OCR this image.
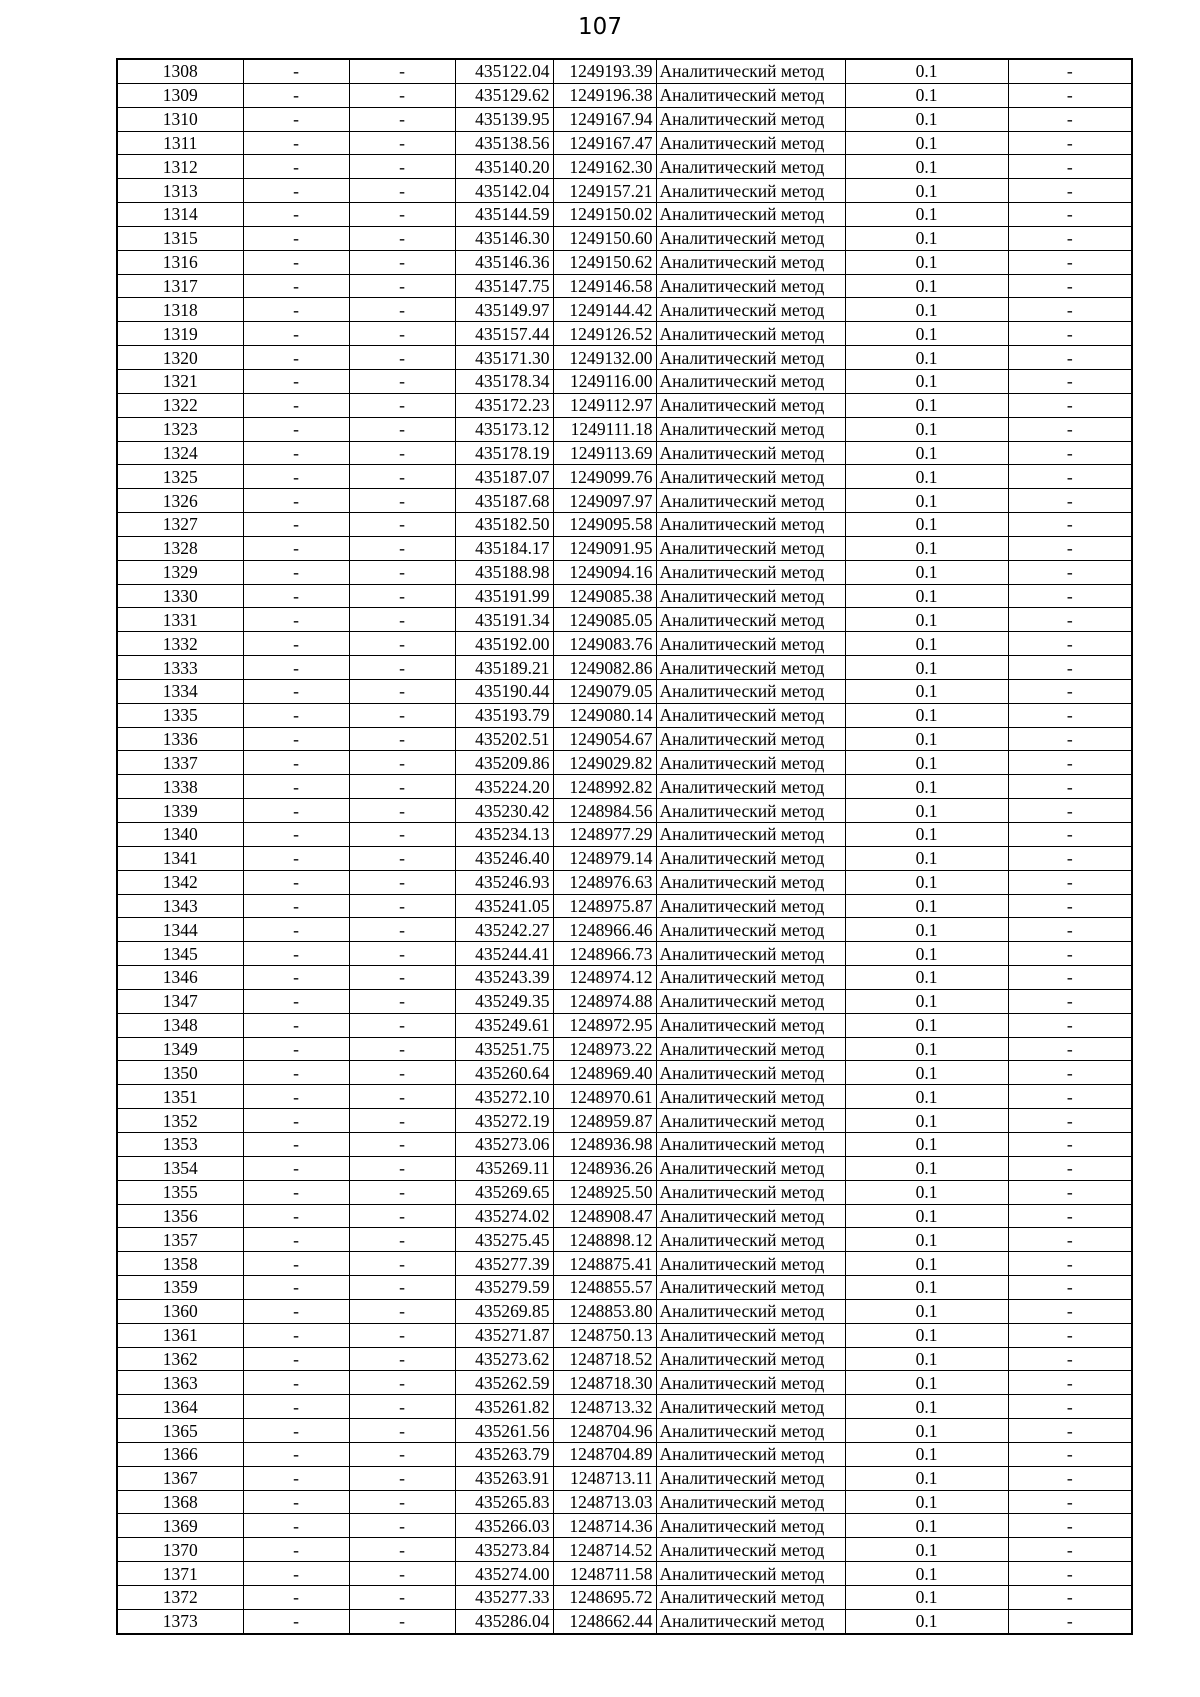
107
1308	-	-	435122.04	1249193.39	Аналитический метод	0.1	-
1309	-	-	435129.62	1249196.38	Аналитический метод	0.1	-
1310	-	-	435139.95	1249167.94	Аналитический метод	0.1	-
1311	-	-	435138.56	1249167.47	Аналитический метод	0.1	-
1312	-	-	435140.20	1249162.30	Аналитический метод	0.1	-
1313	-	-	435142.04	1249157.21	Аналитический метод	0.1	-
1314	-	-	435144.59	1249150.02	Аналитический метод	0.1	-
1315	-	-	435146.30	1249150.60	Аналитический метод	0.1	-
1316	-	-	435146.36	1249150.62	Аналитический метод	0.1	-
1317	-	-	435147.75	1249146.58	Аналитический метод	0.1	-
1318	-	-	435149.97	1249144.42	Аналитический метод	0.1	-
1319	-	-	435157.44	1249126.52	Аналитический метод	0.1	-
1320	-	-	435171.30	1249132.00	Аналитический метод	0.1	-
1321	-	-	435178.34	1249116.00	Аналитический метод	0.1	-
1322	-	-	435172.23	1249112.97	Аналитический метод	0.1	-
1323	-	-	435173.12	1249111.18	Аналитический метод	0.1	-
1324	-	-	435178.19	1249113.69	Аналитический метод	0.1	-
1325	-	-	435187.07	1249099.76	Аналитический метод	0.1	-
1326	-	-	435187.68	1249097.97	Аналитический метод	0.1	-
1327	-	-	435182.50	1249095.58	Аналитический метод	0.1	-
1328	-	-	435184.17	1249091.95	Аналитический метод	0.1	-
1329	-	-	435188.98	1249094.16	Аналитический метод	0.1	-
1330	-	-	435191.99	1249085.38	Аналитический метод	0.1	-
1331	-	-	435191.34	1249085.05	Аналитический метод	0.1	-
1332	-	-	435192.00	1249083.76	Аналитический метод	0.1	-
1333	-	-	435189.21	1249082.86	Аналитический метод	0.1	-
1334	-	-	435190.44	1249079.05	Аналитический метод	0.1	-
1335	-	-	435193.79	1249080.14	Аналитический метод	0.1	-
1336	-	-	435202.51	1249054.67	Аналитический метод	0.1	-
1337	-	-	435209.86	1249029.82	Аналитический метод	0.1	-
1338	-	-	435224.20	1248992.82	Аналитический метод	0.1	-
1339	-	-	435230.42	1248984.56	Аналитический метод	0.1	-
1340	-	-	435234.13	1248977.29	Аналитический метод	0.1	-
1341	-	-	435246.40	1248979.14	Аналитический метод	0.1	-
1342	-	-	435246.93	1248976.63	Аналитический метод	0.1	-
1343	-	-	435241.05	1248975.87	Аналитический метод	0.1	-
1344	-	-	435242.27	1248966.46	Аналитический метод	0.1	-
1345	-	-	435244.41	1248966.73	Аналитический метод	0.1	-
1346	-	-	435243.39	1248974.12	Аналитический метод	0.1	-
1347	-	-	435249.35	1248974.88	Аналитический метод	0.1	-
1348	-	-	435249.61	1248972.95	Аналитический метод	0.1	-
1349	-	-	435251.75	1248973.22	Аналитический метод	0.1	-
1350	-	-	435260.64	1248969.40	Аналитический метод	0.1	-
1351	-	-	435272.10	1248970.61	Аналитический метод	0.1	-
1352	-	-	435272.19	1248959.87	Аналитический метод	0.1	-
1353	-	-	435273.06	1248936.98	Аналитический метод	0.1	-
1354	-	-	435269.11	1248936.26	Аналитический метод	0.1	-
1355	-	-	435269.65	1248925.50	Аналитический метод	0.1	-
1356	-	-	435274.02	1248908.47	Аналитический метод	0.1	-
1357	-	-	435275.45	1248898.12	Аналитический метод	0.1	-
1358	-	-	435277.39	1248875.41	Аналитический метод	0.1	-
1359	-	-	435279.59	1248855.57	Аналитический метод	0.1	-
1360	-	-	435269.85	1248853.80	Аналитический метод	0.1	-
1361	-	-	435271.87	1248750.13	Аналитический метод	0.1	-
1362	-	-	435273.62	1248718.52	Аналитический метод	0.1	-
1363	-	-	435262.59	1248718.30	Аналитический метод	0.1	-
1364	-	-	435261.82	1248713.32	Аналитический метод	0.1	-
1365	-	-	435261.56	1248704.96	Аналитический метод	0.1	-
1366	-	-	435263.79	1248704.89	Аналитический метод	0.1	-
1367	-	-	435263.91	1248713.11	Аналитический метод	0.1	-
1368	-	-	435265.83	1248713.03	Аналитический метод	0.1	-
1369	-	-	435266.03	1248714.36	Аналитический метод	0.1	-
1370	-	-	435273.84	1248714.52	Аналитический метод	0.1	-
1371	-	-	435274.00	1248711.58	Аналитический метод	0.1	-
1372	-	-	435277.33	1248695.72	Аналитический метод	0.1	-
1373	-	-	435286.04	1248662.44	Аналитический метод	0.1	-
